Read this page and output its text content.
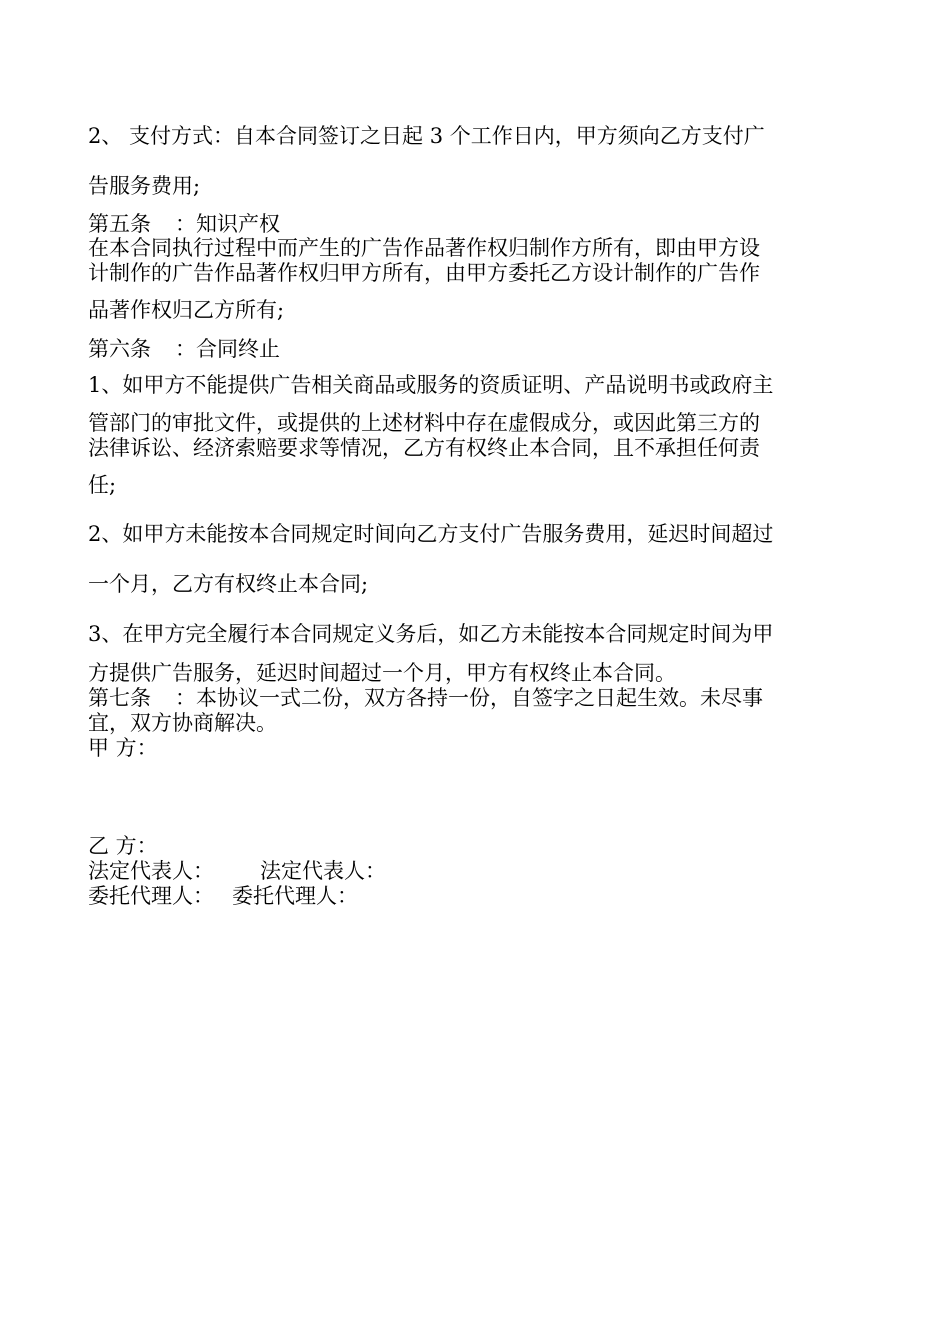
2、 支付方式：自本合同签订之日起 3 个工作日内，甲方须向乙方支付广
告服务费用;
第五条 ：知识产权
在本合同执行过程中而产生的广告作品著作权归制作方所有，即由甲方设
计制作的广告作品著作权归甲方所有，由甲方委托乙方设计制作的广告作
品著作权归乙方所有;
第六条 ：合同终止
1、如甲方不能提供广告相关商品或服务的资质证明、产品说明书或政府主
管部门的审批文件，或提供的上述材料中存在虚假成分，或因此第三方的
法律诉讼、经济索赔要求等情况，乙方有权终止本合同，且不承担任何责
任;
2、如甲方未能按本合同规定时间向乙方支付广告服务费用，延迟时间超过
一个月，乙方有权终止本合同;
3、在甲方完全履行本合同规定义务后，如乙方未能按本合同规定时间为甲
方提供广告服务，延迟时间超过一个月，甲方有权终止本合同。
第七条 ：本协议一式二份，双方各持一份，自签字之日起生效。未尽事
宜，双方协商解决。
甲 方：
乙 方：
法定代表人： 法定代表人：
委托代理人： 委托代理人：
